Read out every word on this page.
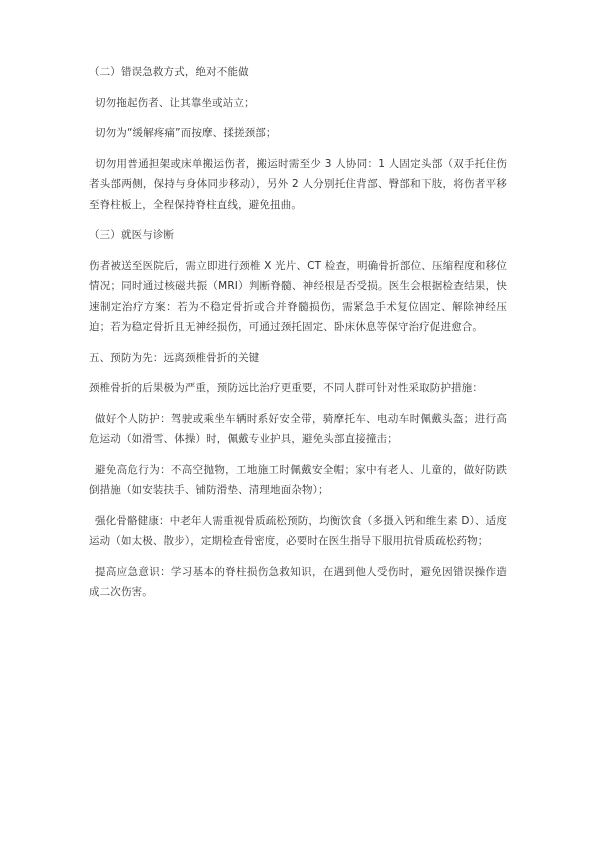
（二）错误急救方式，绝对不能做

切勿拖起伤者、让其靠坐或站立；

切勿为“缓解疼痛”而按摩、揉搓颈部；

切勿用普通担架或床单搬运伤者，搬运时需至少 3 人协同：1 人固定头部（双手托住伤者头部两侧，保持与身体同步移动），另外 2 人分别托住背部、臀部和下肢，将伤者平移至脊柱板上，全程保持脊柱直线，避免扭曲。

（三）就医与诊断

伤者被送至医院后，需立即进行颈椎 X 光片、CT 检查，明确骨折部位、压缩程度和移位情况；同时通过核磁共振（MRI）判断脊髓、神经根是否受损。医生会根据检查结果，快速制定治疗方案：若为不稳定骨折或合并脊髓损伤，需紧急手术复位固定、解除神经压迫；若为稳定骨折且无神经损伤，可通过颈托固定、卧床休息等保守治疗促进愈合。

五、预防为先：远离颈椎骨折的关键

颈椎骨折的后果极为严重，预防远比治疗更重要，不同人群可针对性采取防护措施：

做好个人防护：驾驶或乘坐车辆时系好安全带，骑摩托车、电动车时佩戴头盔；进行高危运动（如滑雪、体操）时，佩戴专业护具，避免头部直接撞击；

避免高危行为：不高空抛物，工地施工时佩戴安全帽；家中有老人、儿童的，做好防跌倒措施（如安装扶手、铺防滑垫、清理地面杂物）；

强化骨骼健康：中老年人需重视骨质疏松预防，均衡饮食（多摄入钙和维生素 D）、适度运动（如太极、散步），定期检查骨密度，必要时在医生指导下服用抗骨质疏松药物；

提高应急意识：学习基本的脊柱损伤急救知识，在遇到他人受伤时，避免因错误操作造成二次伤害。
